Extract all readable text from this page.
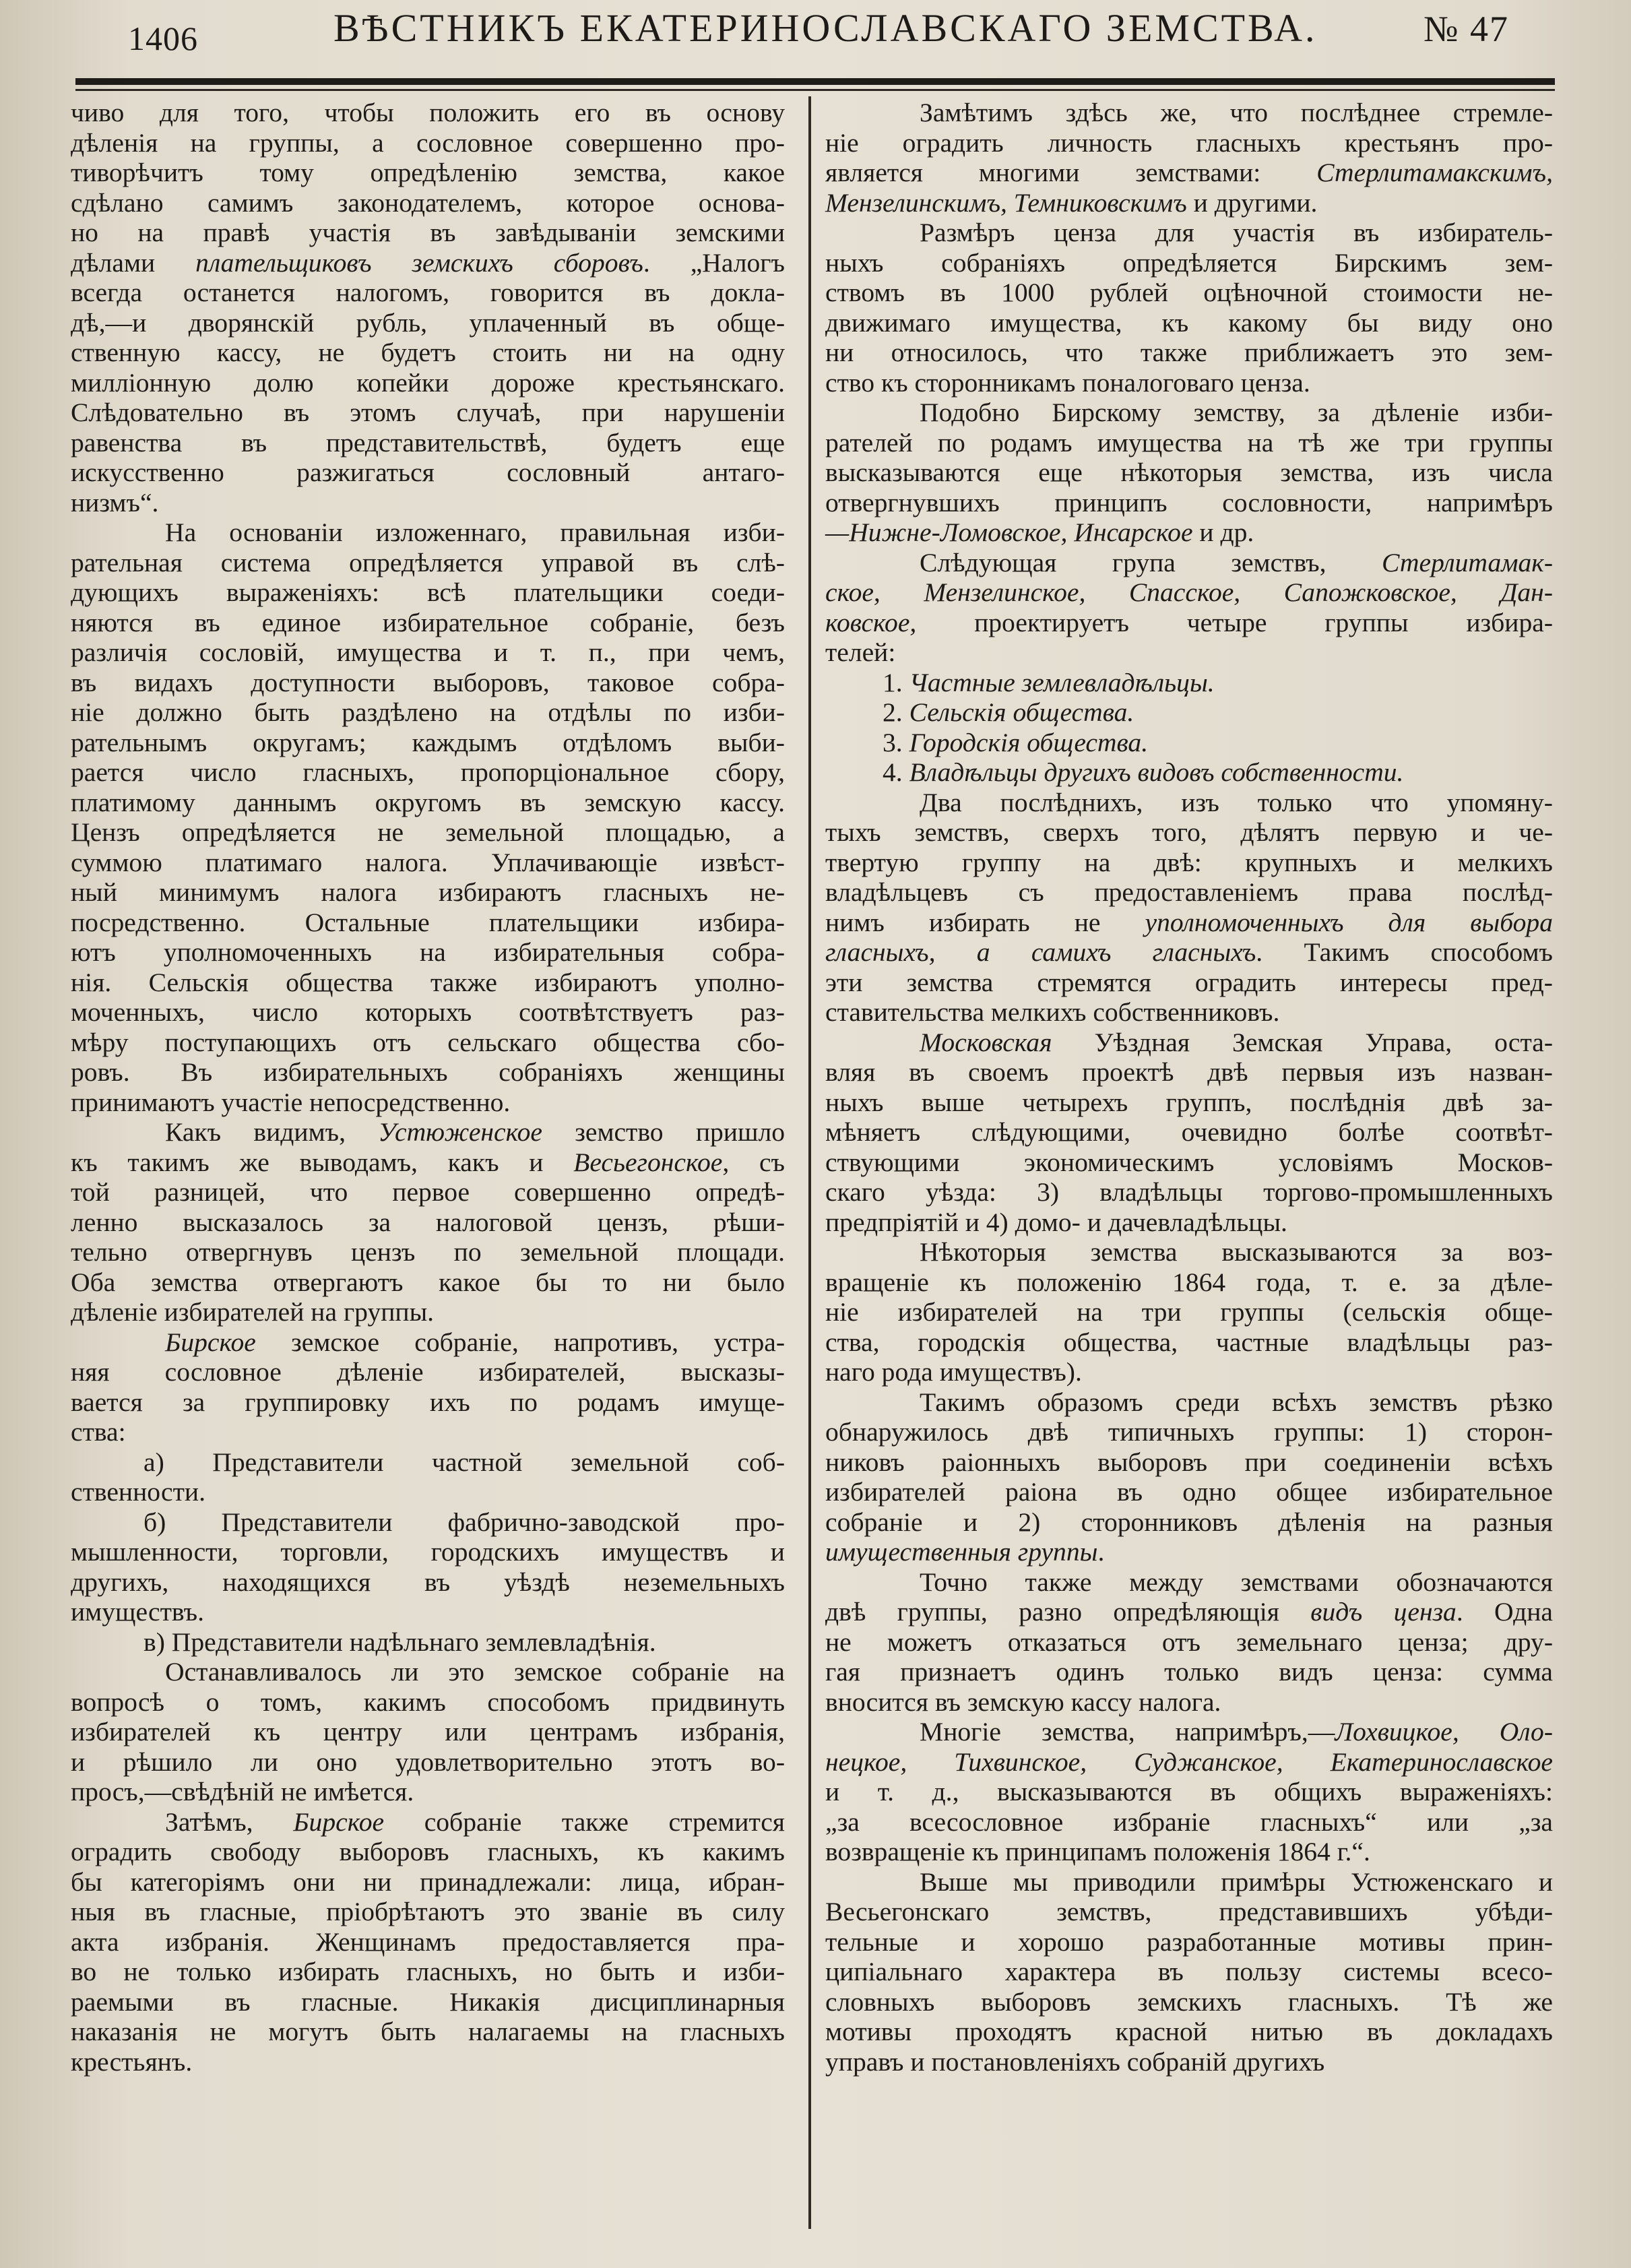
1406	ВѢСТНИКЪ ЕКАТЕРИНОСЛАВСКАГО ЗЕМСТВА.	№ 47
чиво для того, чтобы положить его въ основу
дѣленія на группы, а сословное совершенно про-
тиворѣчитъ тому опредѣленію земства, какое
сдѣлано самимъ законодателемъ, которое основа-
но на правѣ участія въ завѣдываніи земскими
дѣлами плательщиковъ земскихъ сборовъ. „Налогъ
всегда останется налогомъ, говорится въ доклa-
дѣ,—и дворянскій рубль, уплаченный въ обще-
ственную кассу, не будетъ стоить ни на одну
милліонную долю копейки дороже крестьянскаго.
Слѣдовательно въ этомъ случаѣ, при нарушеніи
равенства въ представительствѣ, будетъ еще
искусственно разжигаться сословный антаго-
низмъ“.
На основаніи изложеннаго, правильная изби-
рательная система опредѣляется управой въ слѣ-
дующихъ выраженіяхъ: всѣ плательщики соеди-
няются въ единое избирательное собраніе, безъ
различія сословій, имущества и т. п., при чемъ,
въ видахъ доступности выборовъ, таковое собра-
ніе должно быть раздѣлено на отдѣлы по изби-
рательнымъ округамъ; каждымъ отдѣломъ выби-
рается число гласныхъ, пропорціональное сбору,
платимому даннымъ округомъ въ земскую кассу.
Цензъ опредѣляется не земельной площадью, а
суммою платимаго налога. Уплачивающіе извѣст-
ный минимумъ налога избираютъ гласныхъ не-
посредственно. Остальные плательщики избира-
ютъ уполномоченныхъ на избирательныя собра-
нія. Сельскія общества также избираютъ уполно-
моченныхъ, число которыхъ соотвѣтствуетъ раз-
мѣру поступающихъ отъ сельскаго общества сбо-
ровъ. Въ избирательныхъ собраніяхъ женщины
принимаютъ участіе непосредственно.
Какъ видимъ, Устюженское земство пришло
къ такимъ же выводамъ, какъ и Весьегонское, съ
той разницей, что первое совершенно опредѣ-
ленно высказалось за налоговой цензъ, рѣши-
тельно отвергнувъ цензъ по земельной площади.
Оба земства отвергаютъ какое бы то ни было
дѣленіе избирателей на группы.
Бирское земское собраніе, напротивъ, устра-
няя сословное дѣленіе избирателей, высказы-
вается за группировку ихъ по родамъ имуще-
ства:
а) Представители частной земельной соб-
ственности.
б) Представители фабрично-заводской про-
мышленности, торговли, городскихъ имуществъ и
другихъ, находящихся въ уѣздѣ неземельныхъ
имуществъ.
в) Представители надѣльнаго землевладѣнія.
Останавливалось ли это земское собраніе на
вопросѣ о томъ, какимъ способомъ придвинуть
избирателей къ центру или центрамъ избранія,
и рѣшило ли оно удовлетворительно этотъ во-
просъ,—свѣдѣній не имѣется.
Затѣмъ, Бирское собраніе также стремится
оградить свободу выборовъ гласныхъ, къ какимъ
бы категоріямъ они ни принадлежали: лица, ибран-
ныя въ гласные, пріобрѣтаютъ это званіе въ силу
акта избранія. Женщинамъ предоставляется пра-
во не только избирать гласныхъ, но быть и изби-
раемыми въ гласные. Никакія дисциплинарныя
наказанія не могутъ быть налагаемы на гласныхъ
крестьянъ.
Замѣтимъ здѣсь же, что послѣднее стремле-
ніе оградить личность гласныхъ крестьянъ про-
являетcя многими земствами: Стерлитамакскимъ,
Мензелинскимъ, Темниковскимъ и другими.
Размѣръ ценза для участія въ избиратель-
ныхъ собраніяхъ опредѣляется Бирскимъ зем-
ствомъ въ 1000 рублей оцѣночной стоимости не-
движимаго имущества, къ какому бы виду оно
ни относилось, что также приближаетъ это зем-
ство къ сторонникамъ поналоговаго ценза.
Подобно Бирскому земству, за дѣленіе изби-
рателей по родамъ имущества на тѣ же три группы
высказываются еще нѣкоторыя земства, изъ числа
отвергнувшихъ принципъ сословности, напримѣръ
—Нижне-Ломовское, Инсарское и др.
Слѣдующая група земствъ, Стерлитамак-
ское, Мензелинское, Спасское, Сапожковское, Дан-
ковское, проектируетъ четыре группы избира-
телей:
1. Частные землевладѣльцы.
2. Сельскія общества.
3. Городскія общества.
4. Владѣльцы другихъ видовъ собственности.
Два послѣднихъ, изъ только что упомяну-
тыхъ земствъ, сверхъ того, дѣлятъ первую и че-
твертую группу на двѣ: крупныхъ и мелкихъ
владѣльцевъ съ предоставленіемъ права послѣд-
нимъ избирать не уполномоченныхъ для выбора
гласныхъ, а самихъ гласныхъ. Такимъ способомъ
эти земства стремятся оградить интересы пред-
ставительства мелкихъ собственниковъ.
Московская Уѣздная Земская Управа, оста-
вляя въ своемъ проектѣ двѣ первыя изъ назван-
ныхъ выше четырехъ группъ, послѣднія двѣ за-
мѣняетъ слѣдующими, очевидно болѣе соотвѣт-
ствующими экономическимъ условіямъ Москов-
скаго уѣзда: 3) владѣльцы торгово-промышленныхъ
предпріятій и 4) домо- и дачевладѣльцы.
Нѣкоторыя земства высказываются за воз-
вращеніе къ положенію 1864 года, т. е. за дѣле-
ніе избирателей на три группы (сельскія обще-
ства, городскія общества, частные владѣльцы раз-
наго рода имуществъ).
Такимъ образомъ среди всѣхъ земствъ рѣзко
обнаружилось двѣ типичныхъ группы: 1) сторон-
никовъ раіонныхъ выборовъ при соединеніи всѣхъ
избирателей раіона въ одно общее избирательное
собраніе и 2) сторонниковъ дѣленія на разныя
имущественныя группы.
Точно также между земствами обозначаются
двѣ группы, разно опредѣляющія видъ ценза. Одна
не можетъ отказаться отъ земельнаго ценза; дру-
гая признаетъ одинъ только видъ ценза: сумма
вносится въ земскую кассу налога.
Многіе земства, напримѣръ,—Лохвицкое, Оло-
нецкое, Тихвинское, Суджанское, Екатеринославское
и т. д., высказываются въ общихъ выраженіяхъ:
„за всесословное избраніе гласныхъ“ или „за
возвращеніе къ принципамъ положенія 1864 г.“.
Выше мы приводили примѣры Устюженскаго и
Весьегонскаго земствъ, представившихъ убѣди-
тельные и хорошо разработанные мотивы прин-
ципіальнаго характера въ пользу системы всесо-
словныхъ выборовъ земскихъ гласныхъ. Тѣ же
мотивы проходятъ красной нитью въ докладахъ
управъ и постановленіяхъ собраній другихъ
